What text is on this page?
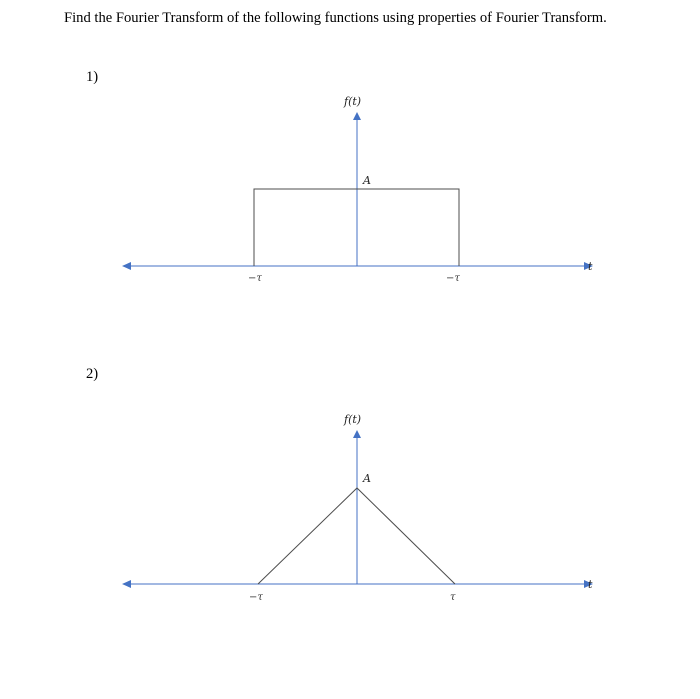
Find the Fourier Transform of the following functions using properties of Fourier Transform.
1)
f(t)
A
−τ	−τ
t
2)
f(t)
A
−τ	τ
t
